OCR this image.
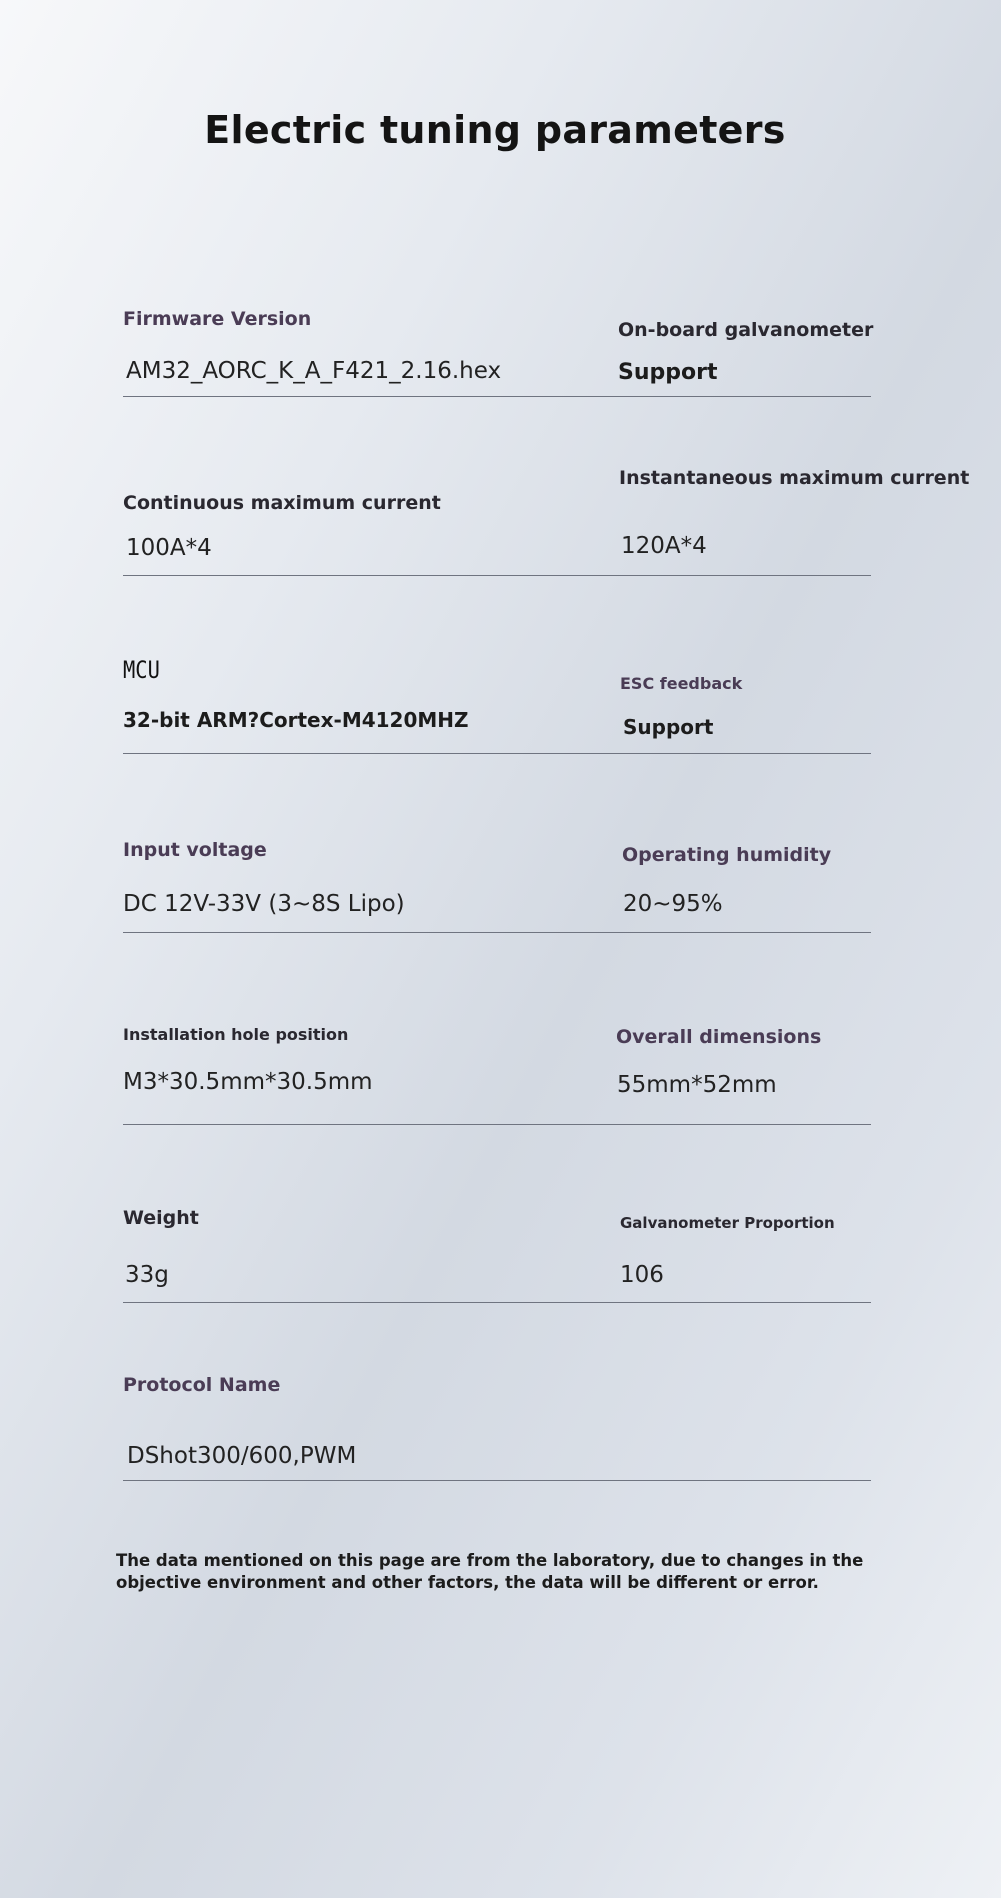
Electric tuning parameters
Firmware Version
AM32_AORC_K_A_F421_2.16.hex
On-board galvanometer
Support
Continuous maximum current
100A*4
Instantaneous maximum current
120A*4
MCU
32-bit ARM?Cortex-M4120MHZ
ESC feedback
Support
Input voltage
DC 12V-33V (3~8S Lipo)
Operating humidity
20~95%
Installation hole position
M3*30.5mm*30.5mm
Overall dimensions
55mm*52mm
Weight
33g
Galvanometer Proportion
106
Protocol Name
DShot300/600,PWM

The data mentioned on this page are from the laboratory, due to changes in the objective environment and other factors, the data will be different or error.
